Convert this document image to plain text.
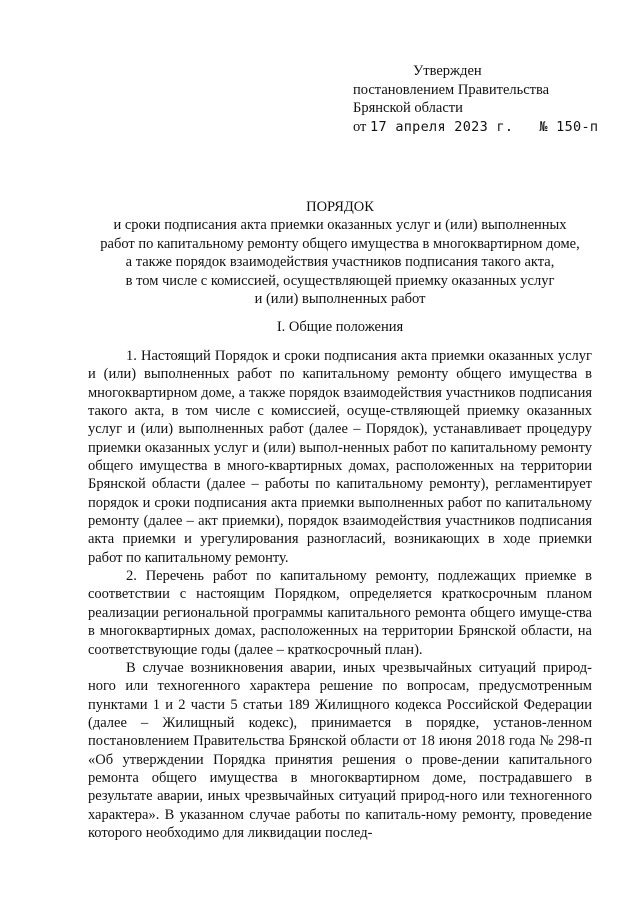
Утвержден
постановлением Правительства
Брянской области
от 17 апреля 2023 г. № 150-п
ПОРЯДОК
и сроки подписания акта приемки оказанных услуг и (или) выполненных
работ по капитальному ремонту общего имущества в многоквартирном доме,
а также порядок взаимодействия участников подписания такого акта,
в том числе с комиссией, осуществляющей приемку оказанных услуг
и (или) выполненных работ
I. Общие положения

1. Настоящий Порядок и сроки подписания акта приемки оказанных услуг и (или) выполненных работ по капитальному ремонту общего имущества в многоквартирном доме, а также порядок взаимодействия участников подписания такого акта, в том числе с комиссией, осуще-ствляющей приемку оказанных услуг и (или) выполненных работ (далее – Порядок), устанавливает процедуру приемки оказанных услуг и (или) выпол-ненных работ по капитальному ремонту общего имущества в много-квартирных домах, расположенных на территории Брянской области (далее – работы по капитальному ремонту), регламентирует порядок и сроки подписания акта приемки выполненных работ по капитальному ремонту (далее – акт приемки), порядок взаимодействия участников подписания акта приемки и урегулирования разногласий, возникающих в ходе приемки работ по капитальному ремонту.

2. Перечень работ по капитальному ремонту, подлежащих приемке в соответствии с настоящим Порядком, определяется краткосрочным планом реализации региональной программы капитального ремонта общего имуще-ства в многоквартирных домах, расположенных на территории Брянской области, на соответствующие годы (далее – краткосрочный план).

В случае возникновения аварии, иных чрезвычайных ситуаций природ-ного или техногенного характера решение по вопросам, предусмотренным пунктами 1 и 2 части 5 статьи 189 Жилищного кодекса Российской Федерации (далее – Жилищный кодекс), принимается в порядке, установ-ленном постановлением Правительства Брянской области от 18 июня 2018 года № 298-п «Об утверждении Порядка принятия решения о прове-дении капитального ремонта общего имущества в многоквартирном доме, пострадавшего в результате аварии, иных чрезвычайных ситуаций природ-ного или техногенного характера». В указанном случае работы по капиталь-ному ремонту, проведение которого необходимо для ликвидации послед-
